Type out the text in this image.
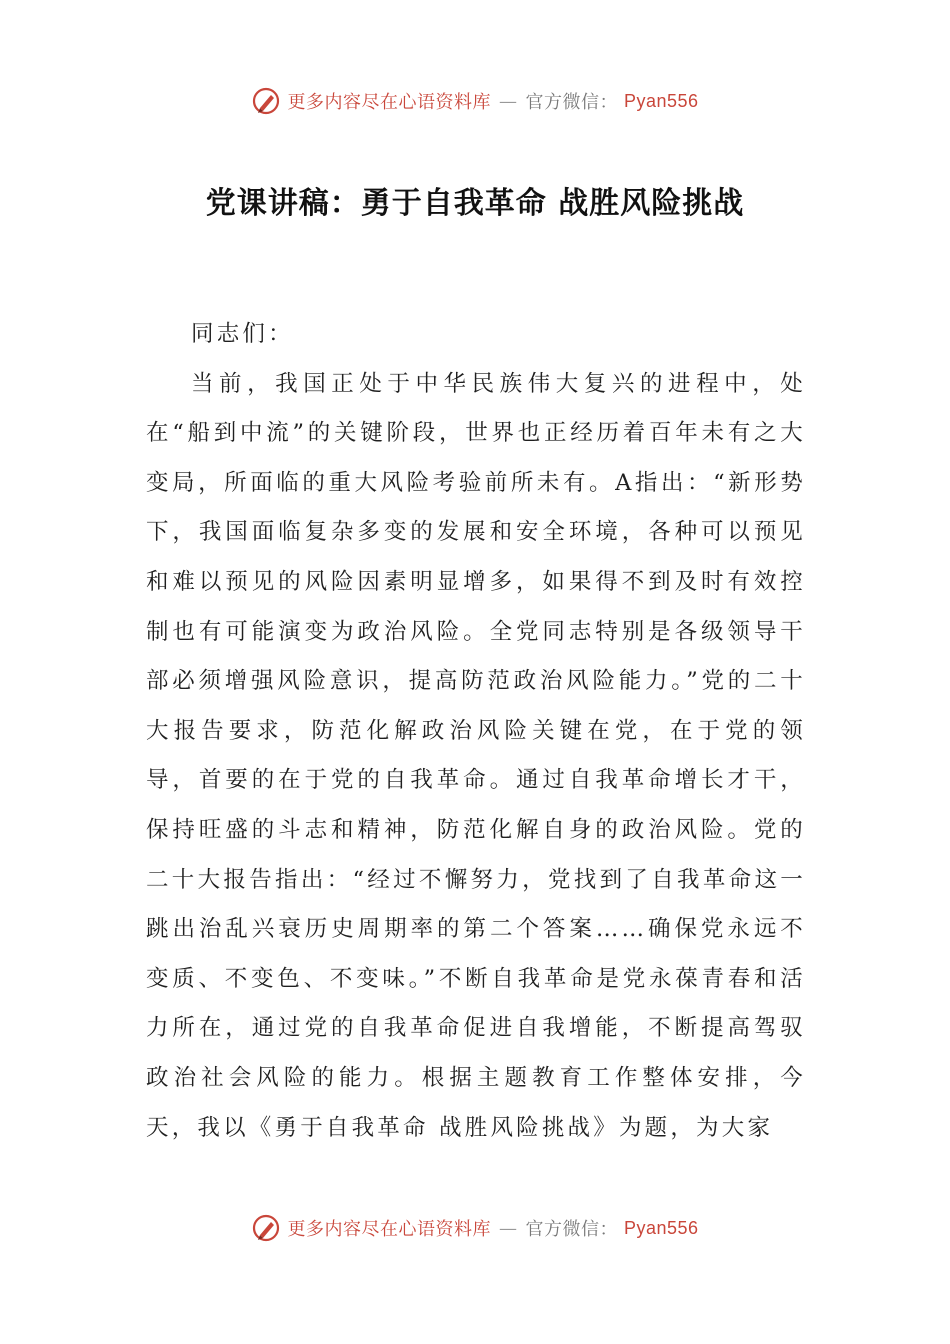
更多内容尽在心语资料库 — 官方微信： Pyan556
党课讲稿：勇于自我革命 战胜风险挑战

同志们：

当前，我国正处于中华民族伟大复兴的进程中，处在“船到中流”的关键阶段，世界也正经历着百年未有之大变局，所面临的重大风险考验前所未有。A指出：“新形势下，我国面临复杂多变的发展和安全环境，各种可以预见和难以预见的风险因素明显增多，如果得不到及时有效控制也有可能演变为政治风险。全党同志特别是各级领导干部必须增强风险意识，提高防范政治风险能力。”党的二十大报告要求，防范化解政治风险关键在党，在于党的领导，首要的在于党的自我革命。通过自我革命增长才干，保持旺盛的斗志和精神，防范化解自身的政治风险。党的二十大报告指出：“经过不懈努力，党找到了自我革命这一跳出治乱兴衰历史周期率的第二个答案……确保党永远不变质、不变色、不变味。”不断自我革命是党永葆青春和活力所在，通过党的自我革命促进自我增能，不断提高驾驭政治社会风险的能力。根据主题教育工作整体安排，今天，我以《勇于自我革命 战胜风险挑战》为题，为大家

更多内容尽在心语资料库 — 官方微信： Pyan556
